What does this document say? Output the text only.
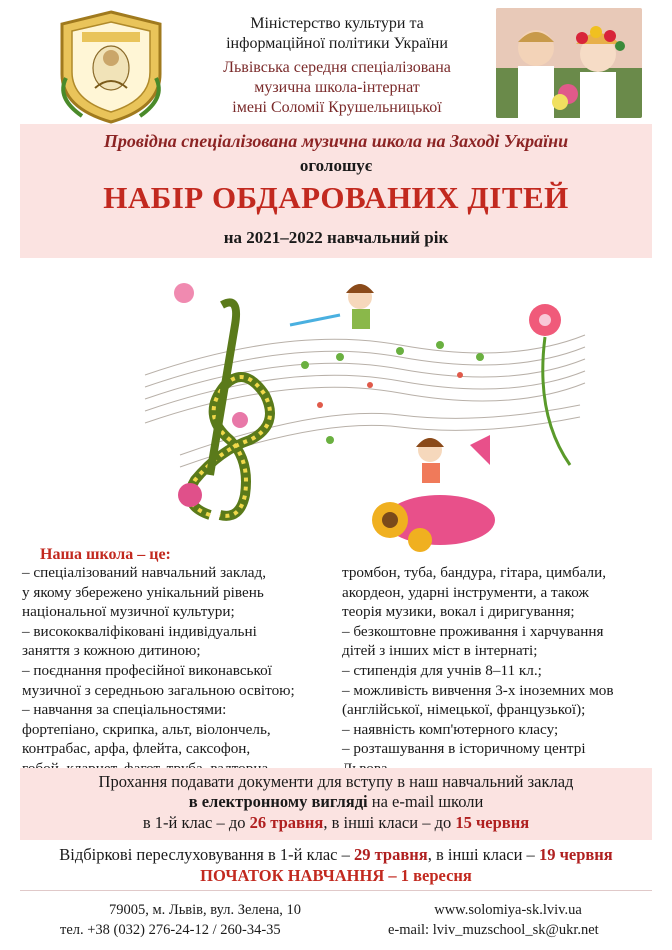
Міністерство культури та
інформаційної політики України
Львівська середня спеціалізована
музична школа-інтернат
імені Соломії Крушельницької
Провідна спеціалізована музична школа на Заході України
оголошує
НАБІР ОБДАРОВАНИХ ДІТЕЙ
на 2021–2022 навчальний рік
Наша школа – це:
– спеціалізований навчальний заклад,
у якому збережено унікальний рівень
національної музичної культури;
– висококваліфіковані індивідуальні
заняття з кожною дитиною;
– поєднання професійної виконавської
музичної з середньою загальною освітою;
– навчання за спеціальностями:
фортепіано, скрипка, альт, віолончель,
контрабас, арфа, флейта, саксофон,
тромбон, туба, бандура, гітара, цимбали,
акордеон, ударні інструменти, а також
теорія музики, вокал і диригування;
– безкоштовне проживання і харчування
дітей з інших міст в інтернаті;
– стипендія для учнів 8–11 кл.;
– можливість вивчення 3-х іноземних мов
(англійської, німецької, французької);
– наявність комп'ютерного класу;
– розташування в історичному центрі
Прохання подавати документи для вступу в наш навчальний заклад
в електронному вигляді на e-mail школи
в 1-й клас – до 26 травня, в інші класи – до 15 червня
Відбіркові переслуховування в 1-й клас – 29 травня, в інші класи – 19 червня
ПОЧАТОК НАВЧАННЯ – 1 вересня
79005, м. Львів, вул. Зелена, 10
тел. +38 (032) 276-24-12 / 260-34-35
www.solomiya-sk.lviv.ua
e-mail: lviv_muzschool_sk@ukr.net
